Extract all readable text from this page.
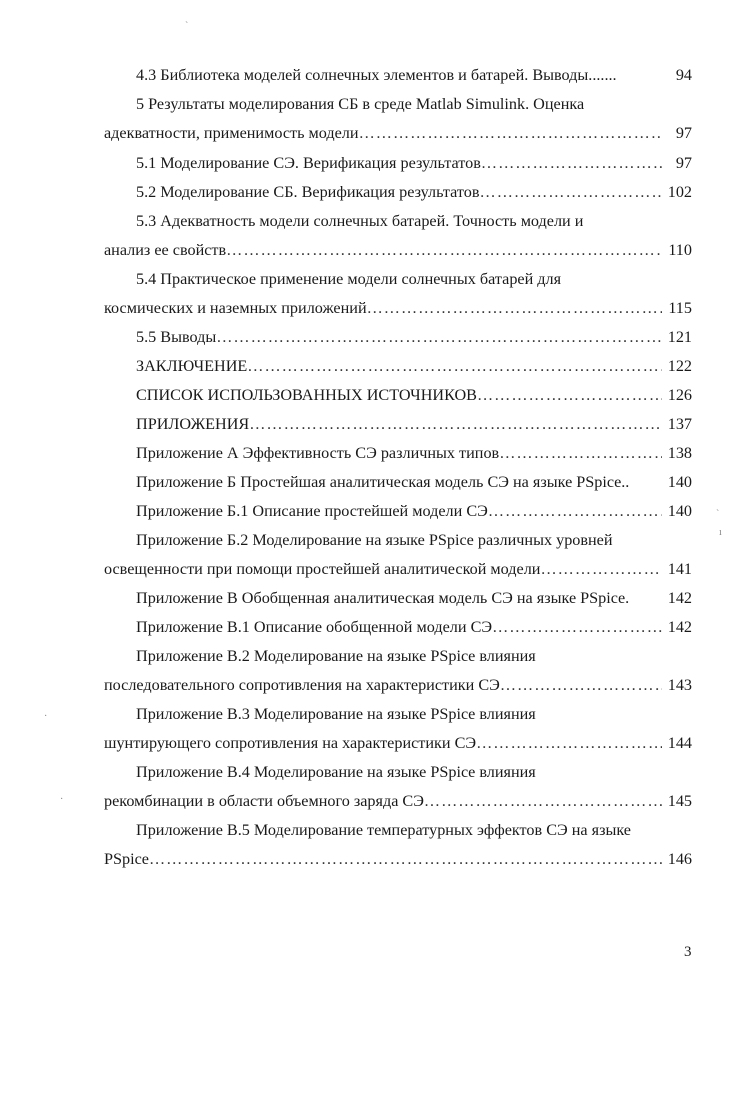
4.3 Библиотека моделей солнечных элементов и батарей. Выводы.......	94
5 Результаты моделирования СБ в среде Matlab Simulink. Оценка
адекватности, применимость модели …………………………………………………………………………………………………………………………………………………………	97
5.1 Моделирование СЭ. Верификация результатов …………………………………………………………………………………………………………………………………………………………	97
5.2 Моделирование СБ. Верификация результатов …………………………………………………………………………………………………………………………………………………………	102
5.3 Адекватность модели солнечных батарей. Точность модели и
анализ ее свойств …………………………………………………………………………………………………………………………………………………………	110
5.4 Практическое применение модели солнечных батарей для
космических и наземных приложений …………………………………………………………………………………………………………………………………………………………	115
5.5 Выводы …………………………………………………………………………………………………………………………………………………………	121
ЗАКЛЮЧЕНИЕ …………………………………………………………………………………………………………………………………………………………	122
СПИСОК ИСПОЛЬЗОВАННЫХ ИСТОЧНИКОВ …………………………………………………………………………………………………………………………………………………………	126
ПРИЛОЖЕНИЯ …………………………………………………………………………………………………………………………………………………………	137
Приложение А Эффективность СЭ различных типов …………………………………………………………………………………………………………………………………………………………	138
Приложение Б Простейшая аналитическая модель СЭ на языке PSpice..	140
Приложение Б.1 Описание простейшей модели СЭ …………………………………………………………………………………………………………………………………………………………	140
Приложение Б.2 Моделирование на языке PSpice различных уровней
освещенности при помощи простейшей аналитической модели …………………………………………………………………………………………………………………………………………………………	141
Приложение В Обобщенная аналитическая модель СЭ на языке PSpice.	142
Приложение В.1 Описание обобщенной модели СЭ …………………………………………………………………………………………………………………………………………………………	142
Приложение В.2 Моделирование на языке PSpice влияния
последовательного сопротивления на характеристики СЭ …………………………………………………………………………………………………………………………………………………………	143
Приложение В.3 Моделирование на языке PSpice влияния
шунтирующего сопротивления на характеристики СЭ …………………………………………………………………………………………………………………………………………………………	144
Приложение В.4 Моделирование на языке PSpice влияния
рекомбинации в области объемного заряда СЭ …………………………………………………………………………………………………………………………………………………………	145
Приложение В.5 Моделирование температурных эффектов СЭ на языке
PSpice …………………………………………………………………………………………………………………………………………………………	146
3
ˋ
ˋ
ı
·
·
